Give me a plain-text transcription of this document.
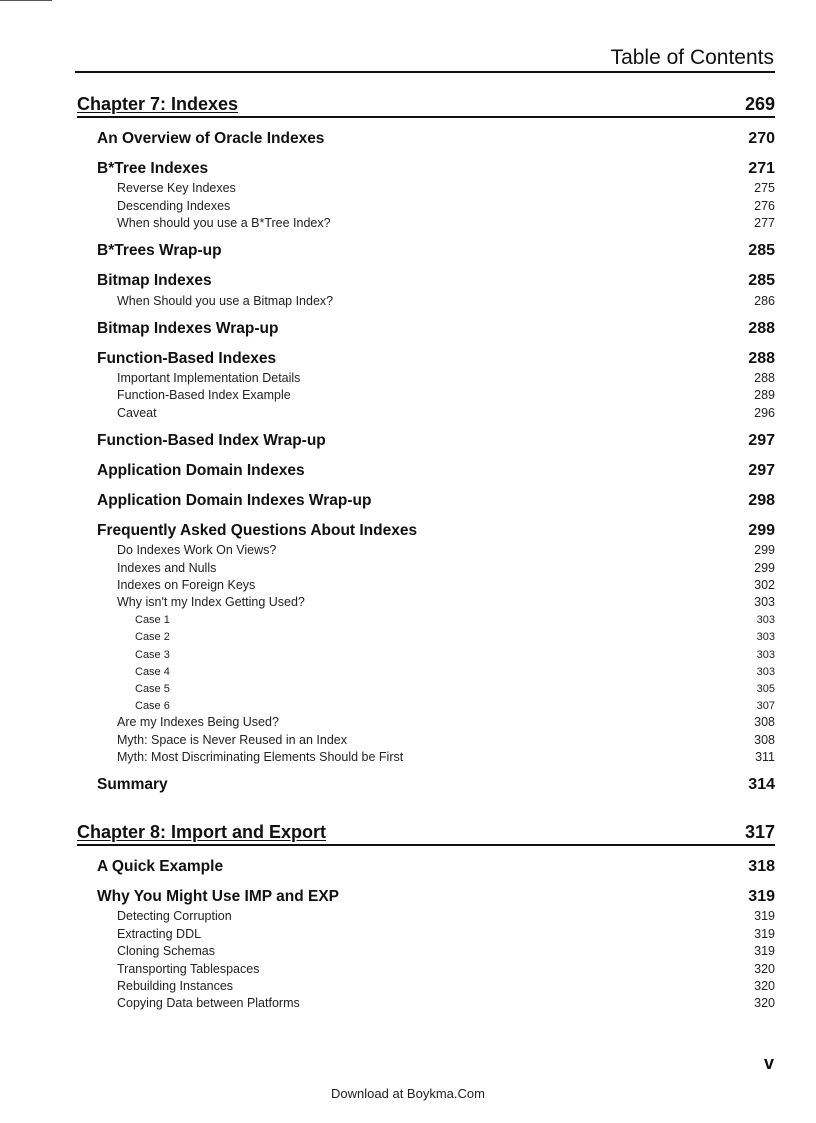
Table of Contents
Chapter 7: Indexes	269
An Overview of Oracle Indexes	270
B*Tree Indexes	271
Reverse Key Indexes	275
Descending Indexes	276
When should you use a B*Tree Index?	277
B*Trees Wrap-up	285
Bitmap Indexes	285
When Should you use a Bitmap Index?	286
Bitmap Indexes Wrap-up	288
Function-Based Indexes	288
Important Implementation Details	288
Function-Based Index Example	289
Caveat	296
Function-Based Index Wrap-up	297
Application Domain Indexes	297
Application Domain Indexes Wrap-up	298
Frequently Asked Questions About Indexes	299
Do Indexes Work On Views?	299
Indexes and Nulls	299
Indexes on Foreign Keys	302
Why isn't my Index Getting Used?	303
Case 1	303
Case 2	303
Case 3	303
Case 4	303
Case 5	305
Case 6	307
Are my Indexes Being Used?	308
Myth: Space is Never Reused in an Index	308
Myth: Most Discriminating Elements Should be First	311
Summary	314
Chapter 8: Import and Export	317
A Quick Example	318
Why You Might Use IMP and EXP	319
Detecting Corruption	319
Extracting DDL	319
Cloning Schemas	319
Transporting Tablespaces	320
Rebuilding Instances	320
Copying Data between Platforms	320
v
Download at Boykma.Com
